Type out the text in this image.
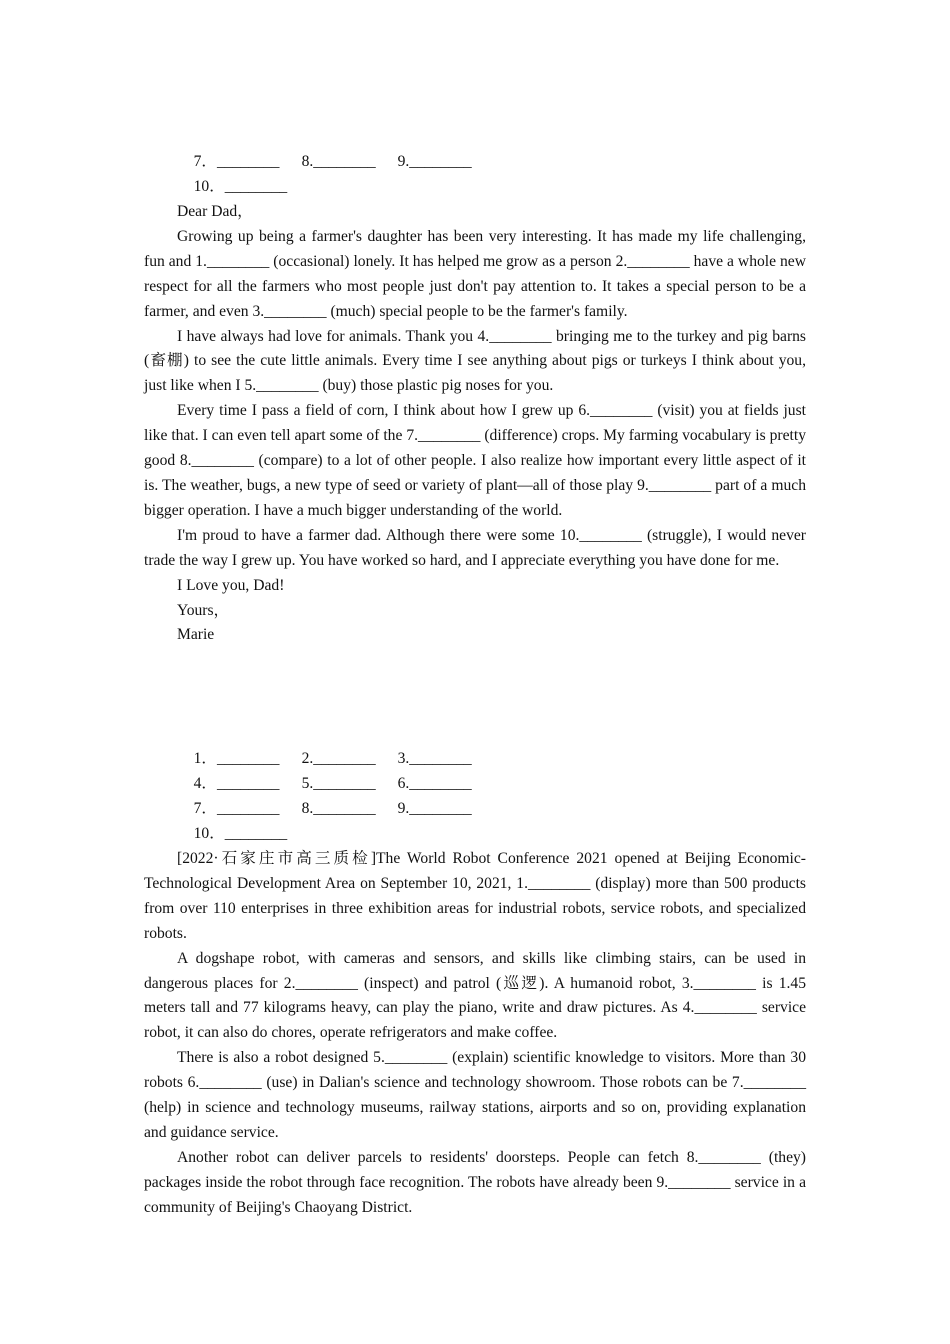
7．________ 8.________ 9.________

10．________

Dear Dad，

Growing up being a farmer's daughter has been very interesting. It has made my life challenging, fun and 1.________ (occasional) lonely. It has helped me grow as a person 2.________ have a whole new respect for all the farmers who most people just don't pay attention to. It takes a special person to be a farmer, and even 3.________ (much) special people to be the farmer's family.

I have always had love for animals. Thank you 4.________ bringing me to the turkey and pig barns (畜棚) to see the cute little animals. Every time I see anything about pigs or turkeys I think about you, just like when I 5.________ (buy) those plastic pig noses for you.

Every time I pass a field of corn, I think about how I grew up 6.________ (visit) you at fields just like that. I can even tell apart some of the 7.________ (difference) crops. My farming vocabulary is pretty good 8.________ (compare) to a lot of other people. I also realize how important every little aspect of it is. The weather, bugs, a new type of seed or variety of plant—all of those play 9.________ part of a much bigger operation. I have a much bigger understanding of the world.

I'm proud to have a farmer dad. Although there were some 10.________ (struggle), I would never trade the way I grew up. You have worked so hard, and I appreciate everything you have done for me.

I Love you, Dad!

Yours，

Marie

1．________ 2.________ 3.________

4．________ 5.________ 6.________

7．________ 8.________ 9.________

10．________

[2022·石家庄市高三质检]The World Robot Conference 2021 opened at Beijing Economic-Technological Development Area on September 10, 2021, 1.________ (display) more than 500 products from over 110 enterprises in three exhibition areas for industrial robots, service robots, and specialized robots.

A dogshape robot, with cameras and sensors, and skills like climbing stairs, can be used in dangerous places for 2.________ (inspect) and patrol (巡逻). A humanoid robot, 3.________ is 1.45 meters tall and 77 kilograms heavy, can play the piano, write and draw pictures. As 4.________ service robot, it can also do chores, operate refrigerators and make coffee.

There is also a robot designed 5.________ (explain) scientific knowledge to visitors. More than 30 robots 6.________ (use) in Dalian's science and technology showroom. Those robots can be 7.________ (help) in science and technology museums, railway stations, airports and so on, providing explanation and guidance service.

Another robot can deliver parcels to residents' doorsteps. People can fetch 8.________ (they) packages inside the robot through face recognition. The robots have already been 9.________ service in a community of Beijing's Chaoyang District.
